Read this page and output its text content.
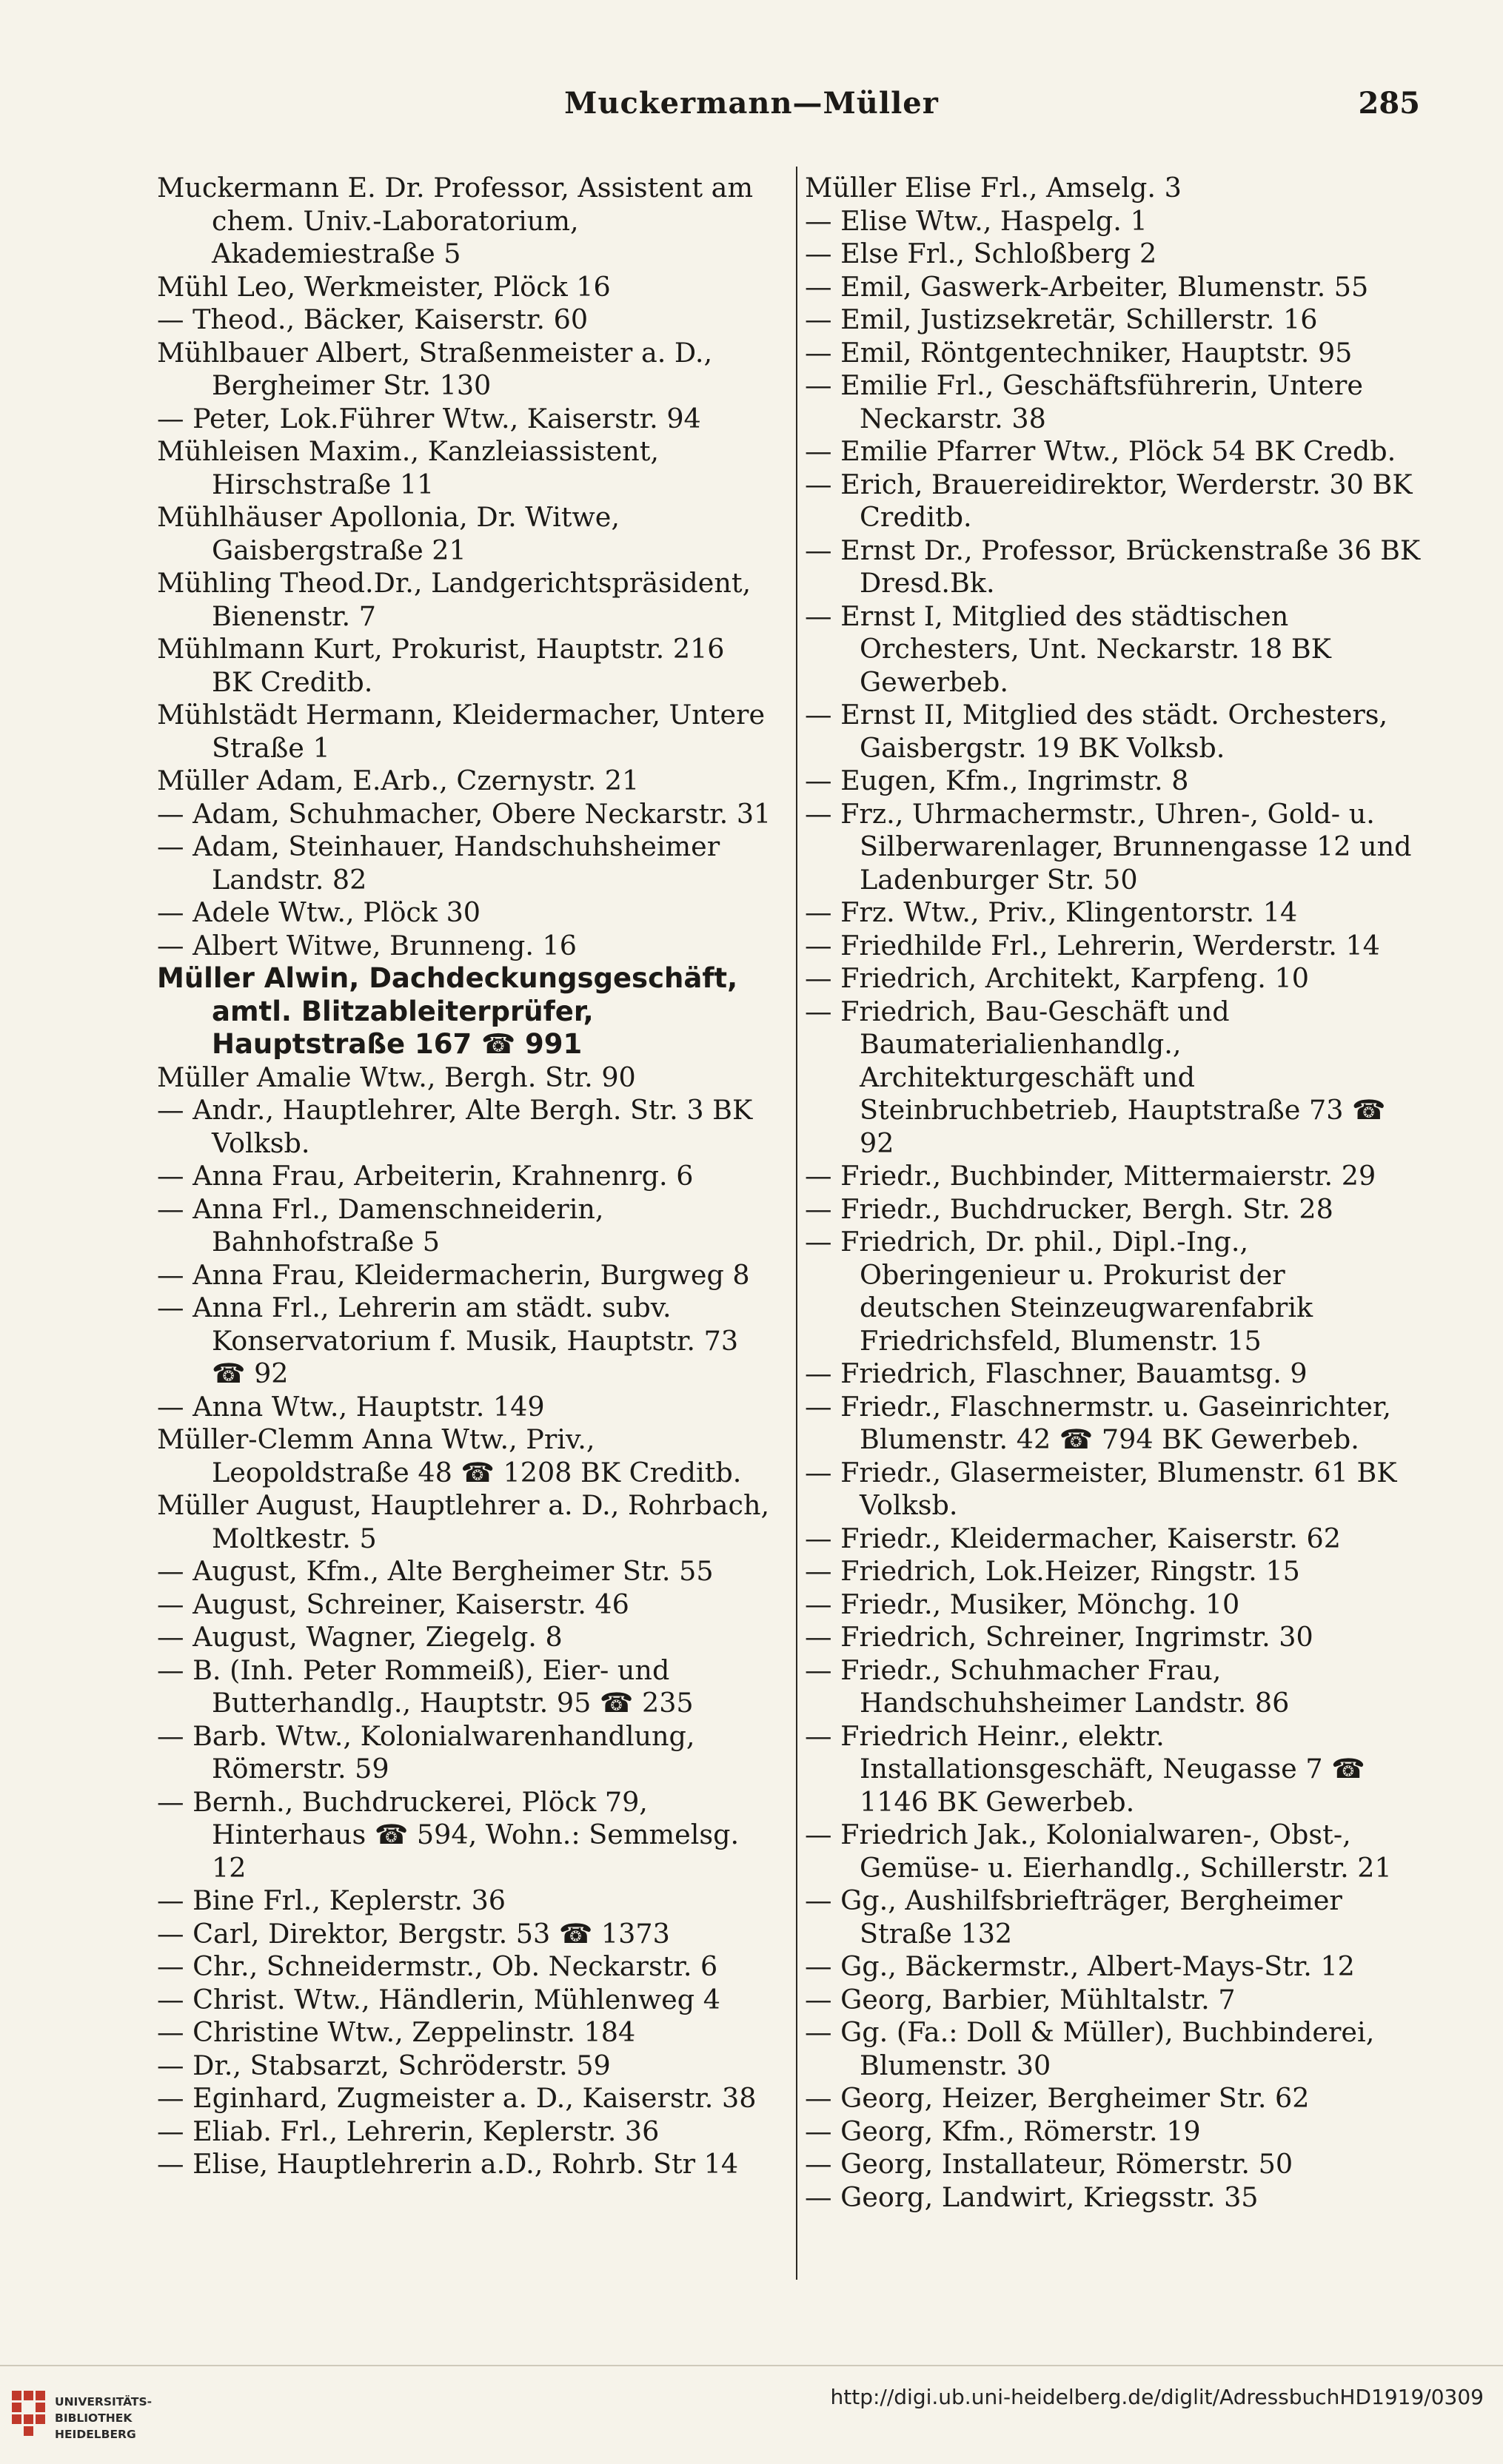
Muckermann—Müller	285
Muckermann E. Dr. Professor, Assistent am chem. Univ.-Laboratorium, Akademiestraße 5
Mühl Leo, Werkmeister, Plöck 16
— Theod., Bäcker, Kaiserstr. 60
Mühlbauer Albert, Straßenmeister a. D., Bergheimer Str. 130
— Peter, Lok.Führer Wtw., Kaiserstr. 94
Mühleisen Maxim., Kanzleiassistent, Hirschstraße 11
Mühlhäuser Apollonia, Dr. Witwe, Gaisbergstraße 21
Mühling Theod.Dr., Landgerichtspräsident, Bienenstr. 7
Mühlmann Kurt, Prokurist, Hauptstr. 216 BK Creditb.
Mühlstädt Hermann, Kleidermacher, Untere Straße 1
Müller Adam, E.Arb., Czernystr. 21
— Adam, Schuhmacher, Obere Neckarstr. 31
— Adam, Steinhauer, Handschuhsheimer Landstr. 82
— Adele Wtw., Plöck 30
— Albert Witwe, Brunneng. 16
Müller Alwin, Dachdeckungsgeschäft, amtl. Blitzableiterprüfer, Hauptstraße 167 ☎ 991
Müller Amalie Wtw., Bergh. Str. 90
— Andr., Hauptlehrer, Alte Bergh. Str. 3 BK Volksb.
— Anna Frau, Arbeiterin, Krahnenrg. 6
— Anna Frl., Damenschneiderin, Bahnhofstraße 5
— Anna Frau, Kleidermacherin, Burgweg 8
— Anna Frl., Lehrerin am städt. subv. Konservatorium f. Musik, Hauptstr. 73 ☎ 92
— Anna Wtw., Hauptstr. 149
Müller-Clemm Anna Wtw., Priv., Leopoldstraße 48 ☎ 1208 BK Creditb.
Müller August, Hauptlehrer a. D., Rohrbach, Moltkestr. 5
— August, Kfm., Alte Bergheimer Str. 55
— August, Schreiner, Kaiserstr. 46
— August, Wagner, Ziegelg. 8
— B. (Inh. Peter Rommeiß), Eier- und Butterhandlg., Hauptstr. 95 ☎ 235
— Barb. Wtw., Kolonialwarenhandlung, Römerstr. 59
— Bernh., Buchdruckerei, Plöck 79, Hinterhaus ☎ 594, Wohn.: Semmelsg. 12
— Bine Frl., Keplerstr. 36
— Carl, Direktor, Bergstr. 53 ☎ 1373
— Chr., Schneidermstr., Ob. Neckarstr. 6
— Christ. Wtw., Händlerin, Mühlenweg 4
— Christine Wtw., Zeppelinstr. 184
— Dr., Stabsarzt, Schröderstr. 59
— Eginhard, Zugmeister a. D., Kaiserstr. 38
— Eliab. Frl., Lehrerin, Keplerstr. 36
— Elise, Hauptlehrerin a.D., Rohrb. Str 14
Müller Elise Frl., Amselg. 3
— Elise Wtw., Haspelg. 1
— Else Frl., Schloßberg 2
— Emil, Gaswerk-Arbeiter, Blumenstr. 55
— Emil, Justizsekretär, Schillerstr. 16
— Emil, Röntgentechniker, Hauptstr. 95
— Emilie Frl., Geschäftsführerin, Untere Neckarstr. 38
— Emilie Pfarrer Wtw., Plöck 54 BK Credb.
— Erich, Brauereidirektor, Werderstr. 30 BK Creditb.
— Ernst Dr., Professor, Brückenstraße 36 BK Dresd.Bk.
— Ernst I, Mitglied des städtischen Orchesters, Unt. Neckarstr. 18 BK Gewerbeb.
— Ernst II, Mitglied des städt. Orchesters, Gaisbergstr. 19 BK Volksb.
— Eugen, Kfm., Ingrimstr. 8
— Frz., Uhrmachermstr., Uhren-, Gold- u. Silberwarenlager, Brunnengasse 12 und Ladenburger Str. 50
— Frz. Wtw., Priv., Klingentorstr. 14
— Friedhilde Frl., Lehrerin, Werderstr. 14
— Friedrich, Architekt, Karpfeng. 10
— Friedrich, Bau-Geschäft und Baumaterialienhandlg., Architekturgeschäft und Steinbruchbetrieb, Hauptstraße 73 ☎ 92
— Friedr., Buchbinder, Mittermaierstr. 29
— Friedr., Buchdrucker, Bergh. Str. 28
— Friedrich, Dr. phil., Dipl.-Ing., Oberingenieur u. Prokurist der deutschen Steinzeugwarenfabrik Friedrichsfeld, Blumenstr. 15
— Friedrich, Flaschner, Bauamtsg. 9
— Friedr., Flaschnermstr. u. Gaseinrichter, Blumenstr. 42 ☎ 794 BK Gewerbeb.
— Friedr., Glasermeister, Blumenstr. 61 BK Volksb.
— Friedr., Kleidermacher, Kaiserstr. 62
— Friedrich, Lok.Heizer, Ringstr. 15
— Friedr., Musiker, Mönchg. 10
— Friedrich, Schreiner, Ingrimstr. 30
— Friedr., Schuhmacher Frau, Handschuhsheimer Landstr. 86
— Friedrich Heinr., elektr. Installationsgeschäft, Neugasse 7 ☎ 1146 BK Gewerbeb.
— Friedrich Jak., Kolonialwaren-, Obst-, Gemüse- u. Eierhandlg., Schillerstr. 21
— Gg., Aushilfsbriefträger, Bergheimer Straße 132
— Gg., Bäckermstr., Albert-Mays-Str. 12
— Georg, Barbier, Mühltalstr. 7
— Gg. (Fa.: Doll & Müller), Buchbinderei, Blumenstr. 30
— Georg, Heizer, Bergheimer Str. 62
— Georg, Kfm., Römerstr. 19
— Georg, Installateur, Römerstr. 50
— Georg, Landwirt, Kriegsstr. 35
UNIVERSITÄTS-
BIBLIOTHEK
HEIDELBERG
http://digi.ub.uni-heidelberg.de/diglit/AdressbuchHD1919/0309
